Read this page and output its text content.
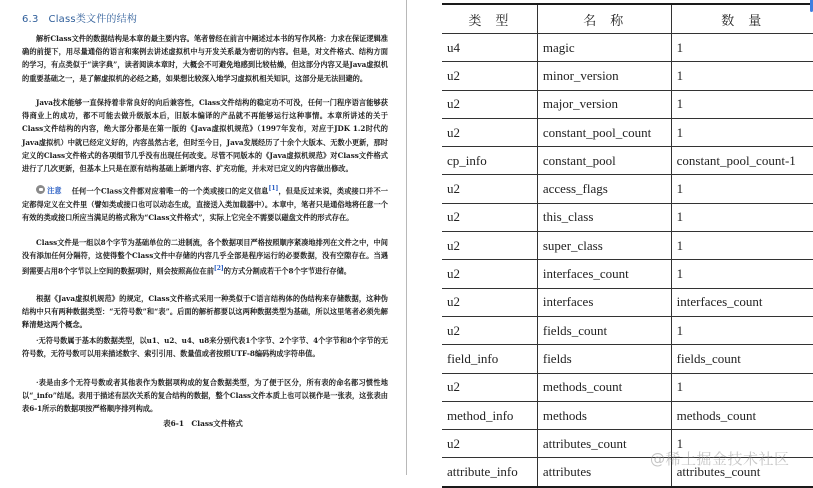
6.3 Class类文件的结构

解析Class文件的数据结构是本章的最主要内容。笔者曾经在前言中阐述过本书的写作风格：力求在保证逻辑准确的前提下，用尽量通俗的语言和案例去讲述虚拟机中与开发关系最为密切的内容。但是，对文件格式、结构方面的学习，有点类似于“读字典”，读者阅读本章时，大概会不可避免地感到比较枯燥，但这部分内容又是Java虚拟机的重要基础之一，是了解虚拟机的必经之路，如果想比较深入地学习虚拟机相关知识，这部分是无法回避的。

Java技术能够一直保持着非常良好的向后兼容性，Class文件结构的稳定功不可没，任何一门程序语言能够获得商业上的成功，都不可能去做升级版本后，旧版本编译的产品就不再能够运行这种事情。本章所讲述的关于Class文件结构的内容，绝大部分都是在第一版的《Java虚拟机规范》（1997年发布，对应于JDK 1.2时代的Java虚拟机）中就已经定义好的，内容虽然古老，但时至今日，Java发展经历了十余个大版本、无数小更新，那时定义的Class文件格式的各项细节几乎没有出现任何改变。尽管不同版本的《Java虚拟机规范》对Class文件格式进行了几次更新，但基本上只是在原有结构基础上新增内容、扩充功能，并未对已定义的内容做出修改。

注意 任何一个Class文件都对应着唯一的一个类或接口的定义信息[1]，但是反过来说，类或接口并不一定都得定义在文件里（譬如类或接口也可以动态生成，直接送入类加载器中）。本章中，笔者只是通俗地将任意一个有效的类或接口所应当满足的格式称为“Class文件格式”，实际上它完全不需要以磁盘文件的形式存在。

Class文件是一组以8个字节为基础单位的二进制流，各个数据项目严格按照顺序紧凑地排列在文件之中，中间没有添加任何分隔符，这使得整个Class文件中存储的内容几乎全部是程序运行的必要数据，没有空隙存在。当遇到需要占用8个字节以上空间的数据项时，则会按照高位在前[2]的方式分割成若干个8个字节进行存储。

根据《Java虚拟机规范》的规定，Class文件格式采用一种类似于C语言结构体的伪结构来存储数据，这种伪结构中只有两种数据类型：“无符号数”和“表”。后面的解析都要以这两种数据类型为基础，所以这里笔者必须先解释清楚这两个概念。

·无符号数属于基本的数据类型，以u1、u2、u4、u8来分别代表1个字节、2个字节、4个字节和8个字节的无符号数，无符号数可以用来描述数字、索引引用、数量值或者按照UTF-8编码构成字符串值。

·表是由多个无符号数或者其他表作为数据项构成的复合数据类型，为了便于区分，所有表的命名都习惯性地以“_info”结尾。表用于描述有层次关系的复合结构的数据，整个Class文件本质上也可以视作是一张表，这张表由表6-1所示的数据项按严格顺序排列构成。

表6-1　Class文件格式
类型	名称	数量
u4	magic	1
u2	minor_version	1
u2	major_version	1
u2	constant_pool_count	1
cp_info	constant_pool	constant_pool_count-1
u2	access_flags	1
u2	this_class	1
u2	super_class	1
u2	interfaces_count	1
u2	interfaces	interfaces_count
u2	fields_count	1
field_info	fields	fields_count
u2	methods_count	1
method_info	methods	methods_count
u2	attributes_count	1
attribute_info	attributes	attributes_count
@稀土掘金技术社区
